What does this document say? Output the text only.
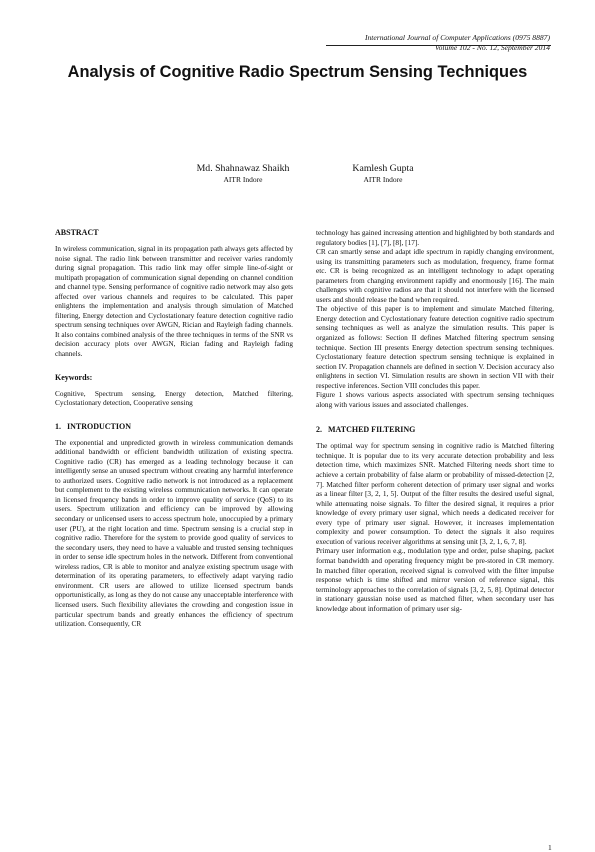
International Journal of Computer Applications (0975 8887)
Volume 102 - No. 12, September 2014
Analysis of Cognitive Radio Spectrum Sensing Techniques
Md. Shahnawaz Shaikh
AITR Indore
Kamlesh Gupta
AITR Indore
ABSTRACT

In wireless communication, signal in its propagation path always gets affected by noise signal. The radio link between transmitter and receiver varies randomly during signal propagation. This radio link may offer simple line-of-sight or multipath propagation of communication signal depending on channel condition and channel type. Sensing performance of cognitive radio network may also gets affected over various channels and requires to be calculated. This paper enlightens the implementation and analysis through simulation of Matched filtering, Energy detection and Cyclostationary feature detection cognitive radio spectrum sensing techniques over AWGN, Rician and Rayleigh fading channels. It also contains combined analysis of the three techniques in terms of the SNR vs decision accuracy plots over AWGN, Rician fading and Rayleigh fading channels.

Keywords:

Cognitive, Spectrum sensing, Energy detection, Matched filtering, Cyclostationary detection, Cooperative sensing

1.   INTRODUCTION

The exponential and unpredicted growth in wireless communication demands additional bandwidth or efficient bandwidth utilization of existing spectra. Cognitive radio (CR) has emerged as a leading technology because it can intelligently sense an unused spectrum without creating any harmful interference to authorized users. Cognitive radio network is not introduced as a replacement but complement to the existing wireless communication networks. It can operate in licensed frequency bands in order to improve quality of service (QoS) to its users. Spectrum utilization and efficiency can be improved by allowing secondary or unlicensed users to access spectrum hole, unoccupied by a primary user (PU), at the right location and time. Spectrum sensing is a crucial step in cognitive radio. Therefore for the system to provide good quality of services to the secondary users, they need to have a valuable and trusted sensing techniques in order to sense idle spectrum holes in the network. Different from conventional wireless radios, CR is able to monitor and analyze existing spectrum usage with determination of its operating parameters, to effectively adapt varying radio environment. CR users are allowed to utilize licensed spectrum bands opportunistically, as long as they do not cause any unacceptable interference with licensed users. Such flexibility alleviates the crowding and congestion issue in particular spectrum bands and greatly enhances the efficiency of spectrum utilization. Consequently, CR

technology has gained increasing attention and highlighted by both standards and regulatory bodies [1], [7], [8], [17].

CR can smartly sense and adapt idle spectrum in rapidly changing environment, using its transmitting parameters such as modulation, frequency, frame format etc. CR is being recognized as an intelligent technology to adapt operating parameters from changing environment rapidly and enormously [16]. The main challenges with cognitive radios are that it should not interfere with the licensed users and should release the band when required.

The objective of this paper is to implement and simulate Matched filtering, Energy detection and Cyclostationary feature detection cognitive radio spectrum sensing techniques as well as analyze the simulation results. This paper is organized as follows: Section II defines Matched filtering spectrum sensing technique. Section III presents Energy detection spectrum sensing techniques. Cyclostationary feature detection spectrum sensing technique is explained in section IV. Propagation channels are defined in section V. Decision accuracy also enlightens in section VI. Simulation results are shown in section VII with their respective inferences. Section VIII concludes this paper.

Figure 1 shows various aspects associated with spectrum sensing techniques along with various issues and associated challenges.

2.   MATCHED FILTERING

The optimal way for spectrum sensing in cognitive radio is Matched filtering technique. It is popular due to its very accurate detection probability and less detection time, which maximizes SNR. Matched Filtering needs short time to achieve a certain probability of false alarm or probability of missed-detection [2, 7]. Matched filter perform coherent detection of primary user signal and works as a linear filter [3, 2, 1, 5]. Output of the filter results the desired useful signal, while attenuating noise signals. To filter the desired signal, it requires a prior knowledge of every primary user signal, which needs a dedicated receiver for every type of primary user signal. However, it increases implementation complexity and power consumption. To detect the signals it also requires execution of various receiver algorithms at sensing unit [3, 2, 1, 6, 7, 8].

Primary user information e.g., modulation type and order, pulse shaping, packet format bandwidth and operating frequency might be pre-stored in CR memory. In matched filter operation, received signal is convolved with the filter impulse response which is time shifted and mirror version of reference signal, this terminology approaches to the correlation of signals [3, 2, 5, 8]. Optimal detector in stationary gaussian noise used as matched filter, when secondary user has knowledge about information of primary user sig-

1
